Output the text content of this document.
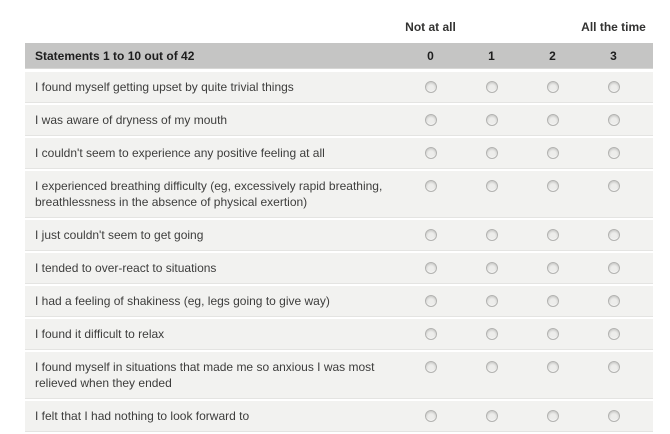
Not at all	All the time
Statements 1 to 10 out of 42	0	1	2	3
I found myself getting upset by quite trivial things
I was aware of dryness of my mouth
I couldn't seem to experience any positive feeling at all
I experienced breathing difficulty (eg, excessively rapid breathing, breathlessness in the absence of physical exertion)
I just couldn't seem to get going
I tended to over-react to situations
I had a feeling of shakiness (eg, legs going to give way)
I found it difficult to relax
I found myself in situations that made me so anxious I was most relieved when they ended
I felt that I had nothing to look forward to
